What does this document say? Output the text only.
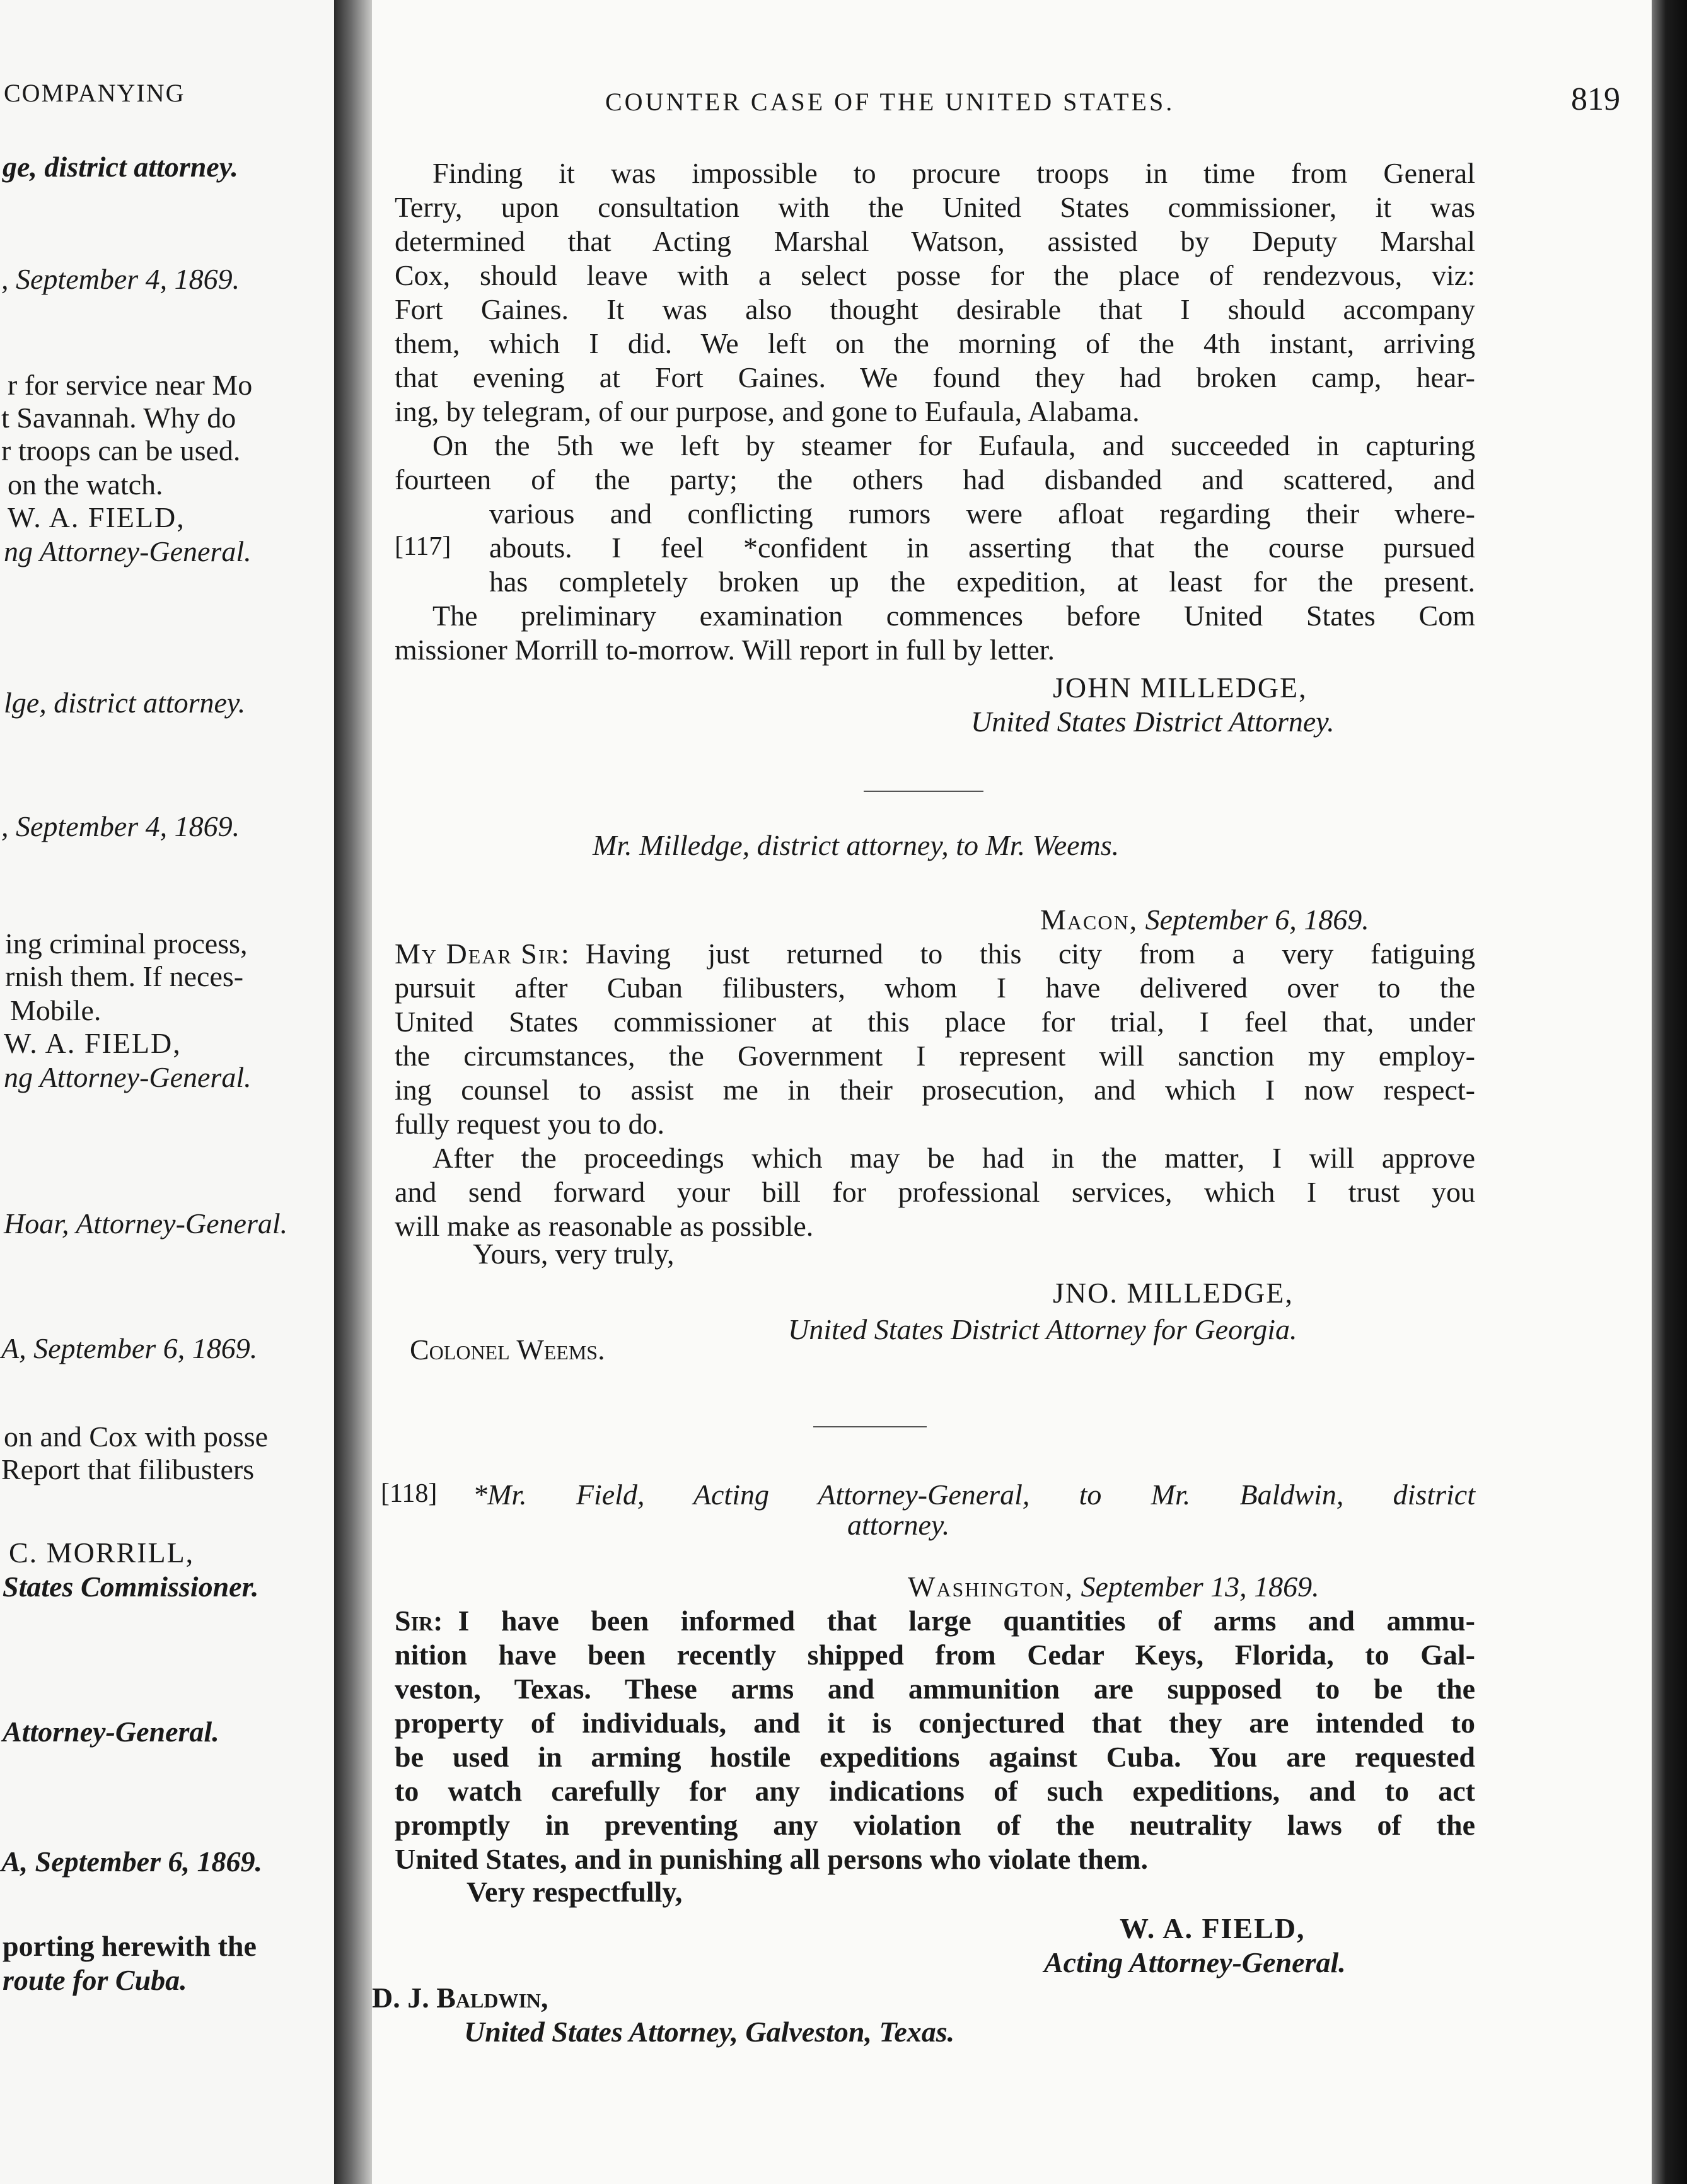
COMPANYING
ge, district attorney.
, September 4, 1869.
r for service near Mo
t Savannah. Why do
r troops can be used.
on the watch.
W. A. FIELD,
ng Attorney-General.
lge, district attorney.
, September 4, 1869.
ing criminal process,
rnish them. If neces-
Mobile.
W. A. FIELD,
ng Attorney-General.
Hoar, Attorney-General.
A, September 6, 1869.
on and Cox with posse
Report that filibusters
C. MORRILL,
States Commissioner.
Attorney-General.
A, September 6, 1869.
porting herewith the
route for Cuba.
COUNTER CASE OF THE UNITED STATES.	819
Finding it was impossible to procure troops in time from General
Terry, upon consultation with the United States commissioner, it was
determined that Acting Marshal Watson, assisted by Deputy Marshal
Cox, should leave with a select posse for the place of rendezvous, viz:
Fort Gaines. It was also thought desirable that I should accompany
them, which I did. We left on the morning of the 4th instant, arriving
that evening at Fort Gaines. We found they had broken camp, hear-
ing, by telegram, of our purpose, and gone to Eufaula, Alabama.
On the 5th we left by steamer for Eufaula, and succeeded in capturing
fourteen of the party; the others had disbanded and scattered, and
various and conflicting rumors were afloat regarding their where-
[117] abouts. I feel *confident in asserting that the course pursued
has completely broken up the expedition, at least for the present.
The preliminary examination commences before United States Com
missioner Morrill to-morrow. Will report in full by letter.
JOHN MILLEDGE,
United States District Attorney.
Mr. Milledge, district attorney, to Mr. Weems.
Macon, September 6, 1869.
My Dear Sir: Having just returned to this city from a very fatiguing
pursuit after Cuban filibusters, whom I have delivered over to the
United States commissioner at this place for trial, I feel that, under
the circumstances, the Government I represent will sanction my employ-
ing counsel to assist me in their prosecution, and which I now respect-
fully request you to do.
After the proceedings which may be had in the matter, I will approve
and send forward your bill for professional services, which I trust you
will make as reasonable as possible.
Yours, very truly,
JNO. MILLEDGE,
United States District Attorney for Georgia.
Colonel Weems.
[118] *Mr. Field, Acting Attorney-General, to Mr. Baldwin, district
attorney.
Washington, September 13, 1869.
Sir: I have been informed that large quantities of arms and ammu-
nition have been recently shipped from Cedar Keys, Florida, to Gal-
veston, Texas. These arms and ammunition are supposed to be the
property of individuals, and it is conjectured that they are intended to
be used in arming hostile expeditions against Cuba. You are requested
to watch carefully for any indications of such expeditions, and to act
promptly in preventing any violation of the neutrality laws of the
United States, and in punishing all persons who violate them.
Very respectfully,
W. A. FIELD,
Acting Attorney-General.
D. J. Baldwin,
United States Attorney, Galveston, Texas.
